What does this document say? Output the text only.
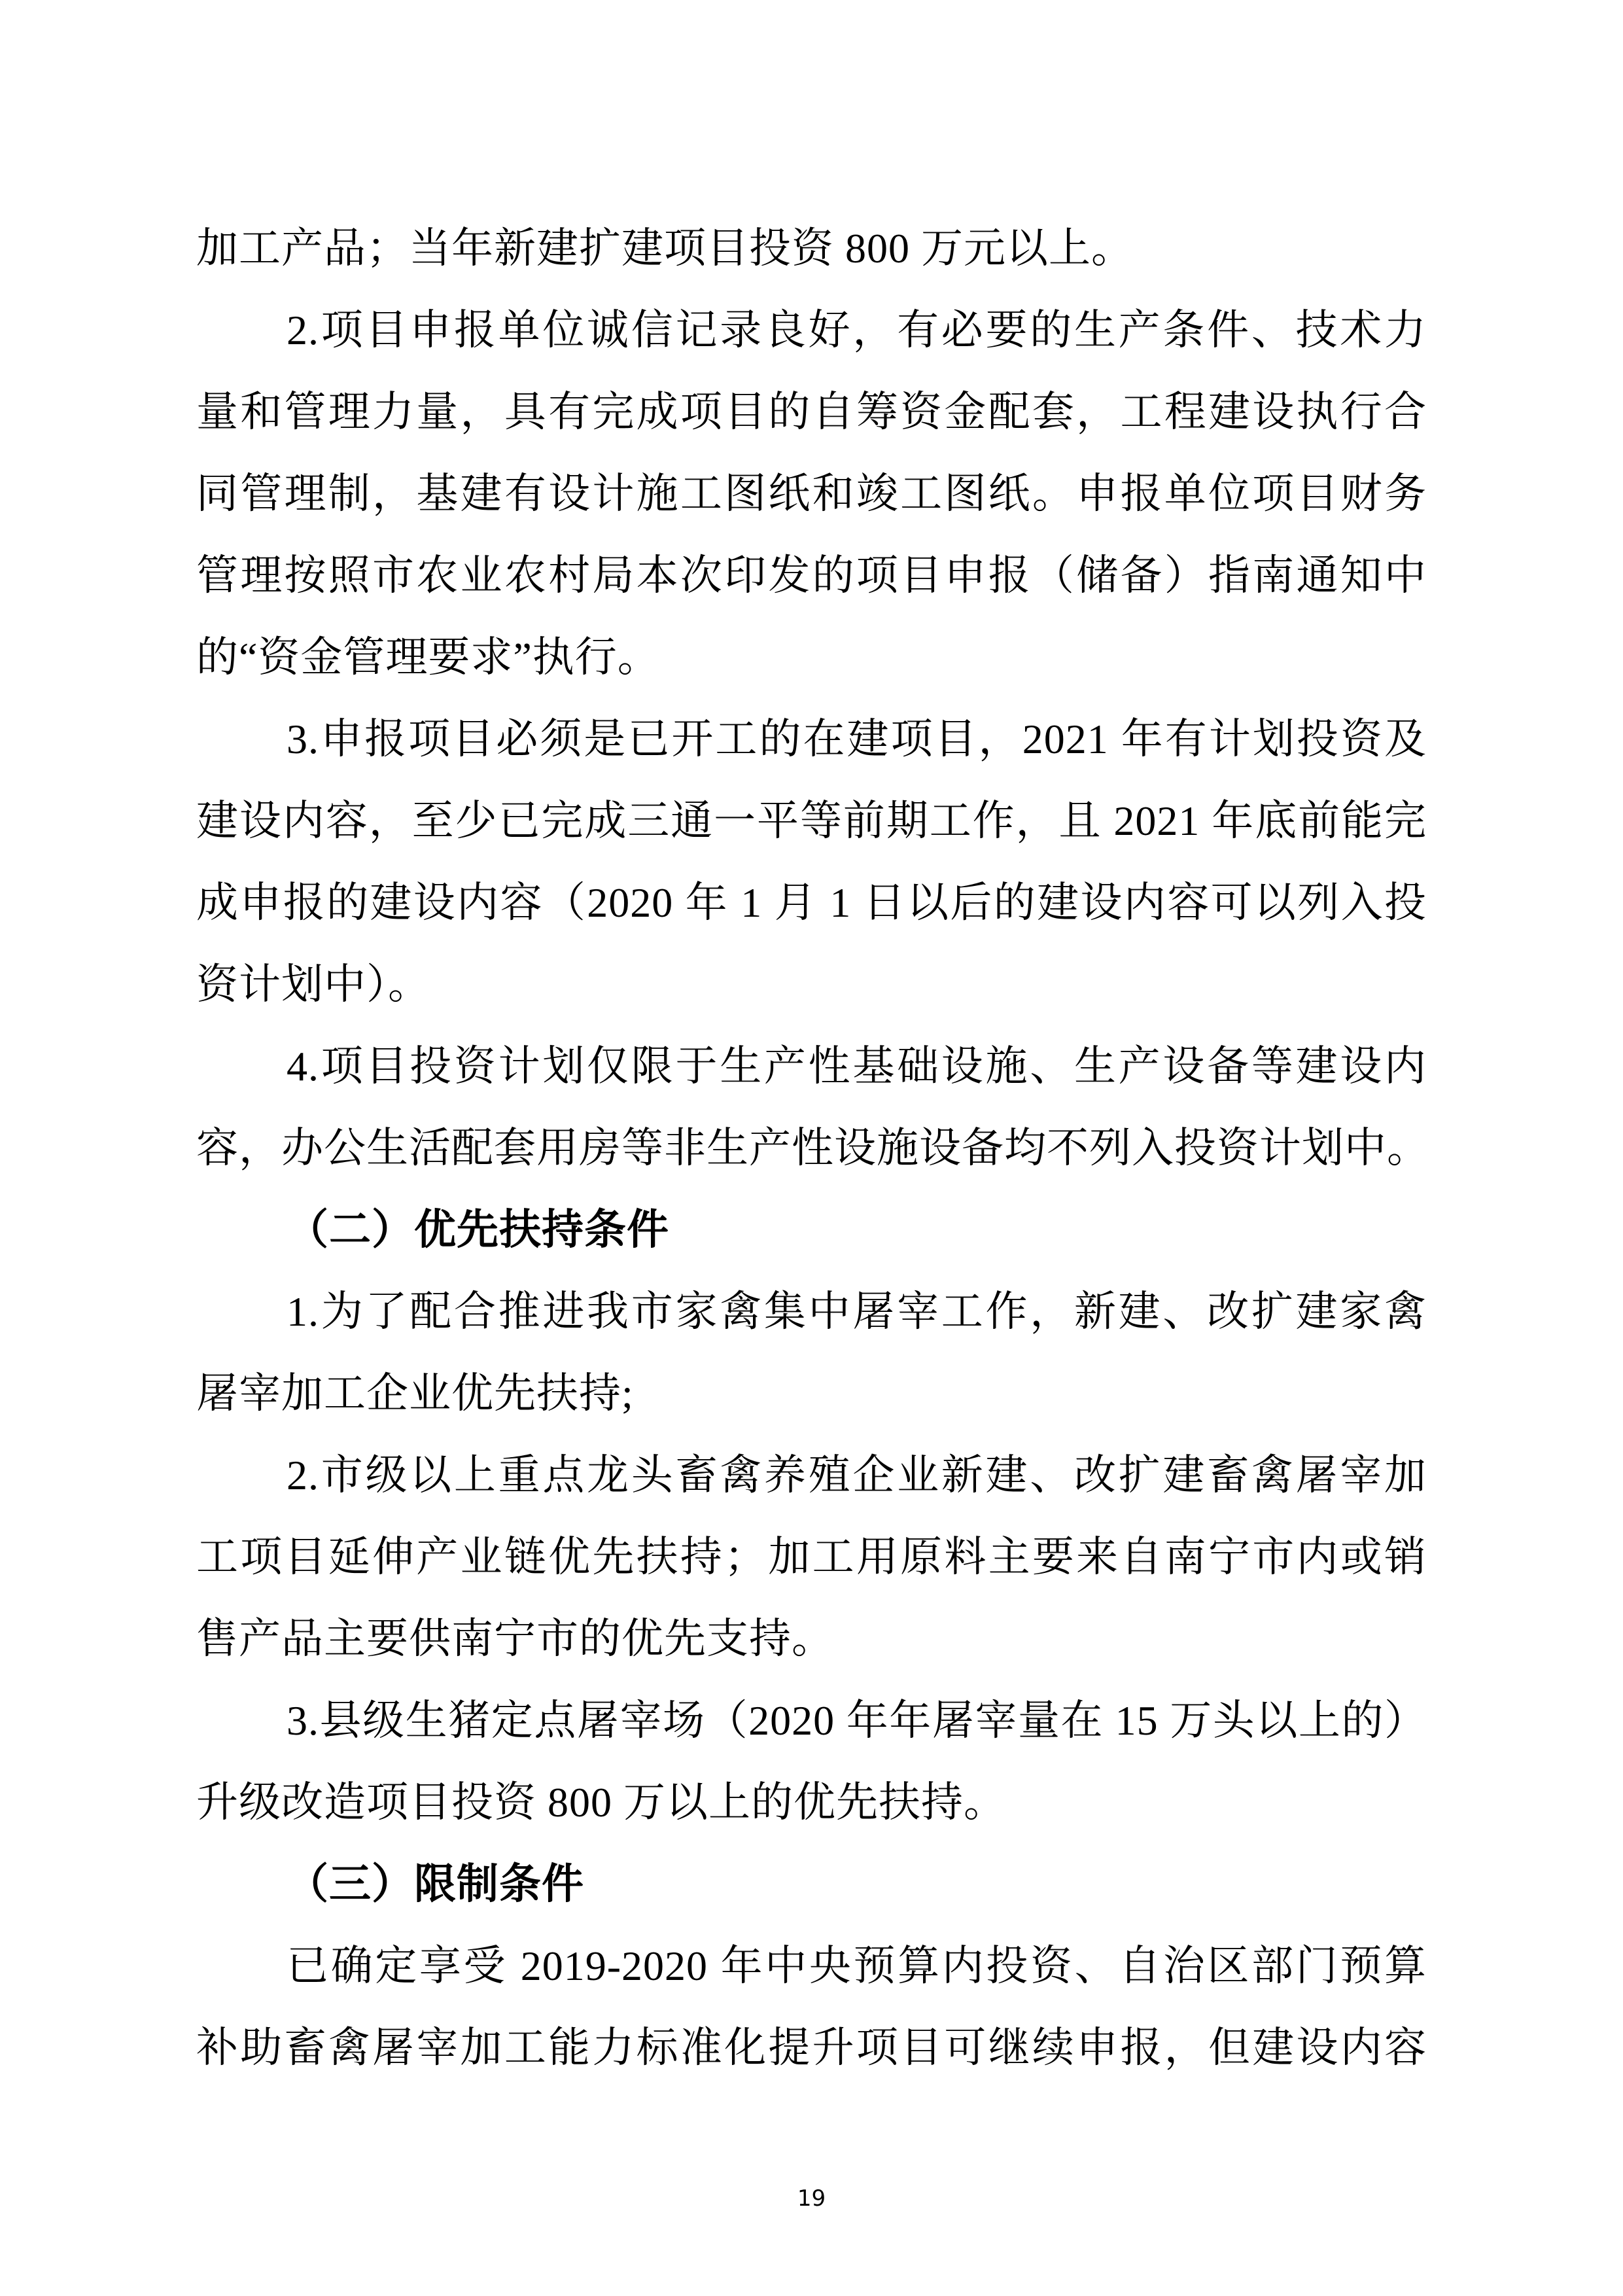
加工产品；当年新建扩建项目投资 800 万元以上。
2.项目申报单位诚信记录良好，有必要的生产条件、技术力
量和管理力量，具有完成项目的自筹资金配套，工程建设执行合
同管理制，基建有设计施工图纸和竣工图纸。申报单位项目财务
管理按照市农业农村局本次印发的项目申报（储备）指南通知中
的“资金管理要求”执行。
3.申报项目必须是已开工的在建项目，2021 年有计划投资及
建设内容，至少已完成三通一平等前期工作，且 2021 年底前能完
成申报的建设内容（2020 年 1 月 1 日以后的建设内容可以列入投
资计划中）。
4.项目投资计划仅限于生产性基础设施、生产设备等建设内
容，办公生活配套用房等非生产性设施设备均不列入投资计划中。
（二）优先扶持条件
1.为了配合推进我市家禽集中屠宰工作，新建、改扩建家禽
屠宰加工企业优先扶持;
2.市级以上重点龙头畜禽养殖企业新建、改扩建畜禽屠宰加
工项目延伸产业链优先扶持；加工用原料主要来自南宁市内或销
售产品主要供南宁市的优先支持。
3.县级生猪定点屠宰场（2020 年年屠宰量在 15 万头以上的）
升级改造项目投资 800 万以上的优先扶持。
（三）限制条件
已确定享受 2019-2020 年中央预算内投资、自治区部门预算
补助畜禽屠宰加工能力标准化提升项目可继续申报，但建设内容
19
